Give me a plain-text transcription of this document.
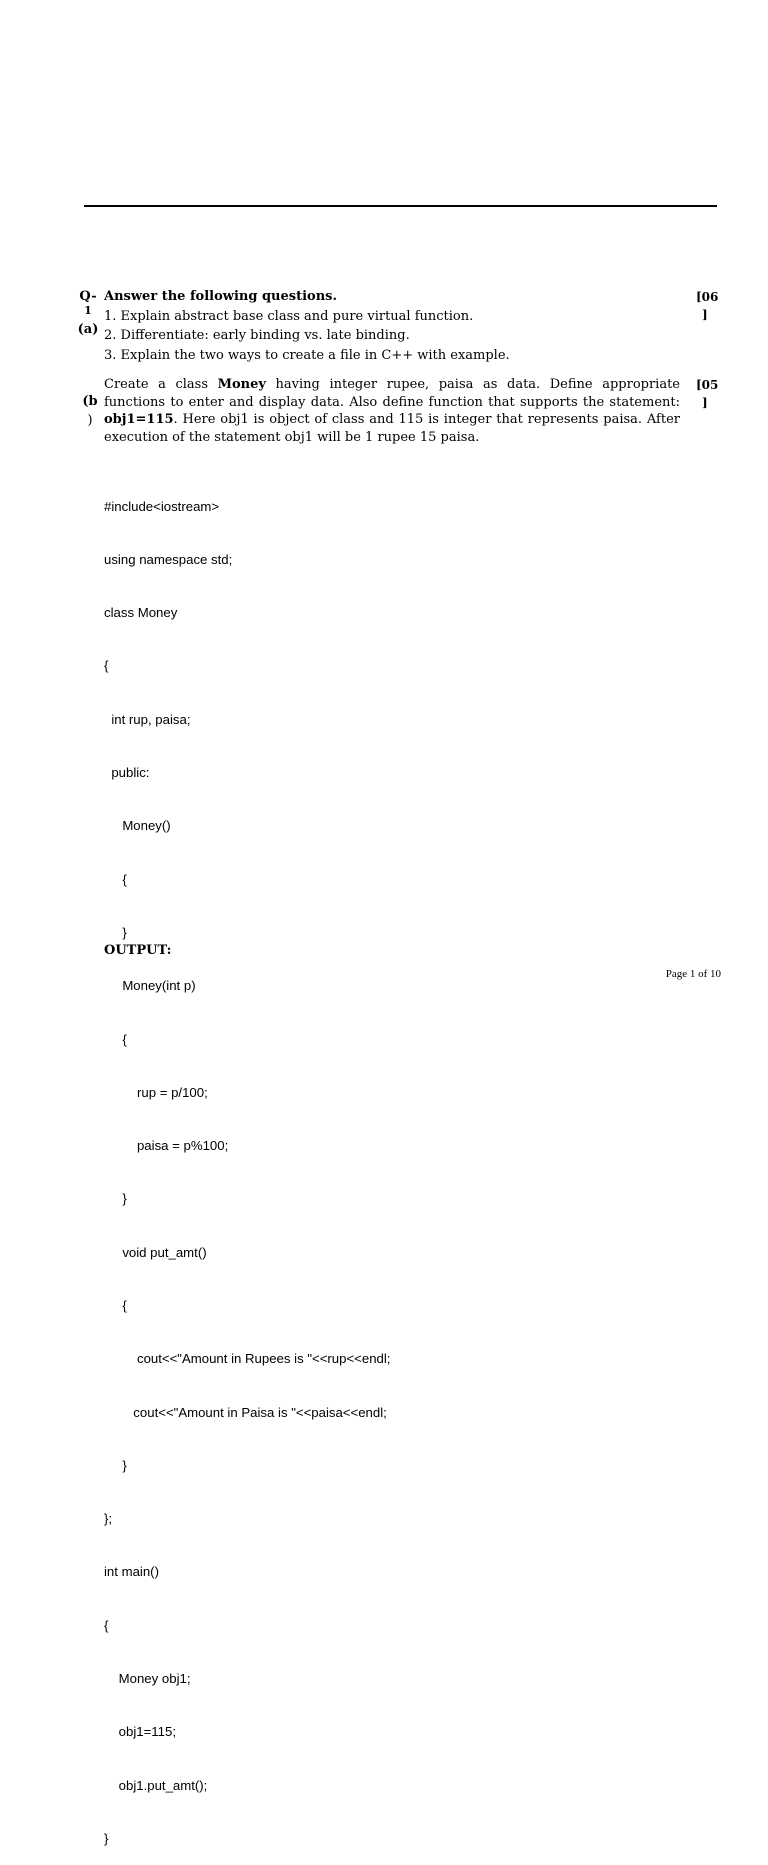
Q-
1
(a)
[06
]
Answer the following questions.
1. Explain abstract base class and pure virtual function.
2. Differentiate: early binding vs. late binding.
3. Explain the two ways to create a file in C++ with example.
(b
)
[05
]
Create a class Money having integer rupee, paisa as data. Define appropriate functions to enter and display data. Also define function that supports the statement: obj1=115. Here obj1 is object of class and 115 is integer that represents paisa. After execution of the statement obj1 will be 1 rupee 15 paisa.

#include<iostream>

using namespace std;

class Money

{

int rup, paisa;

public:

Money()

{

}

Money(int p)

{

rup = p/100;

paisa = p%100;

}

void put_amt()

{

cout<<"Amount in Rupees is "<<rup<<endl;

cout<<"Amount in Paisa is "<<paisa<<endl;

}

};

int main()

{

Money obj1;

obj1=115;

obj1.put_amt();

}

OUTPUT:
Page 1 of 10
